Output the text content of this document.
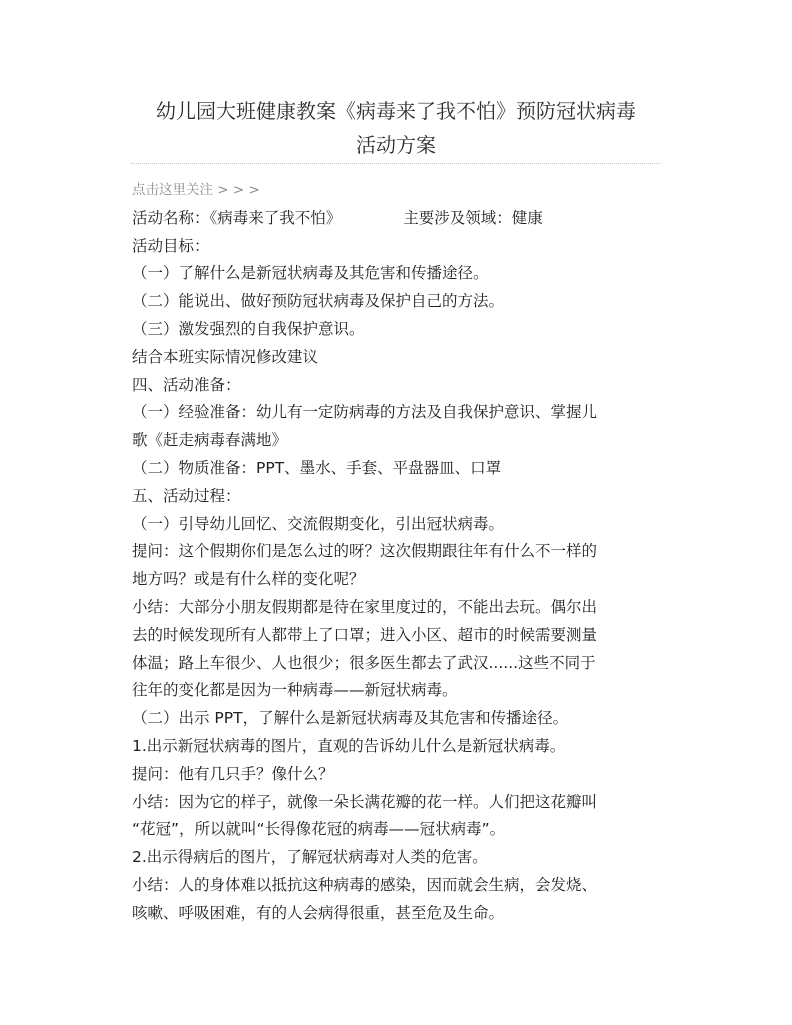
幼儿园大班健康教案《病毒来了我不怕》预防冠状病毒
活动方案
点击这里关注 > > >
活动名称：《病毒来了我不怕》	主要涉及领域：健康
活动目标：
（一）了解什么是新冠状病毒及其危害和传播途径。
（二）能说出、做好预防冠状病毒及保护自己的方法。
（三）激发强烈的自我保护意识。
结合本班实际情况修改建议
四、活动准备：
（一）经验准备：幼儿有一定防病毒的方法及自我保护意识、掌握儿
歌《赶走病毒春满地》
（二）物质准备：PPT、墨水、手套、平盘器皿、口罩
五、活动过程：
（一）引导幼儿回忆、交流假期变化，引出冠状病毒。
提问：这个假期你们是怎么过的呀？这次假期跟往年有什么不一样的
地方吗？或是有什么样的变化呢？
小结：大部分小朋友假期都是待在家里度过的，不能出去玩。偶尔出
去的时候发现所有人都带上了口罩；进入小区、超市的时候需要测量
体温；路上车很少、人也很少；很多医生都去了武汉......这些不同于
往年的变化都是因为一种病毒——新冠状病毒。
（二）出示 PPT，了解什么是新冠状病毒及其危害和传播途径。
1.出示新冠状病毒的图片，直观的告诉幼儿什么是新冠状病毒。
提问：他有几只手？像什么？
小结：因为它的样子，就像一朵长满花瓣的花一样。人们把这花瓣叫
“花冠”，所以就叫“长得像花冠的病毒——冠状病毒”。
2.出示得病后的图片，了解冠状病毒对人类的危害。
小结：人的身体难以抵抗这种病毒的感染，因而就会生病，会发烧、
咳嗽、呼吸困难，有的人会病得很重，甚至危及生命。
